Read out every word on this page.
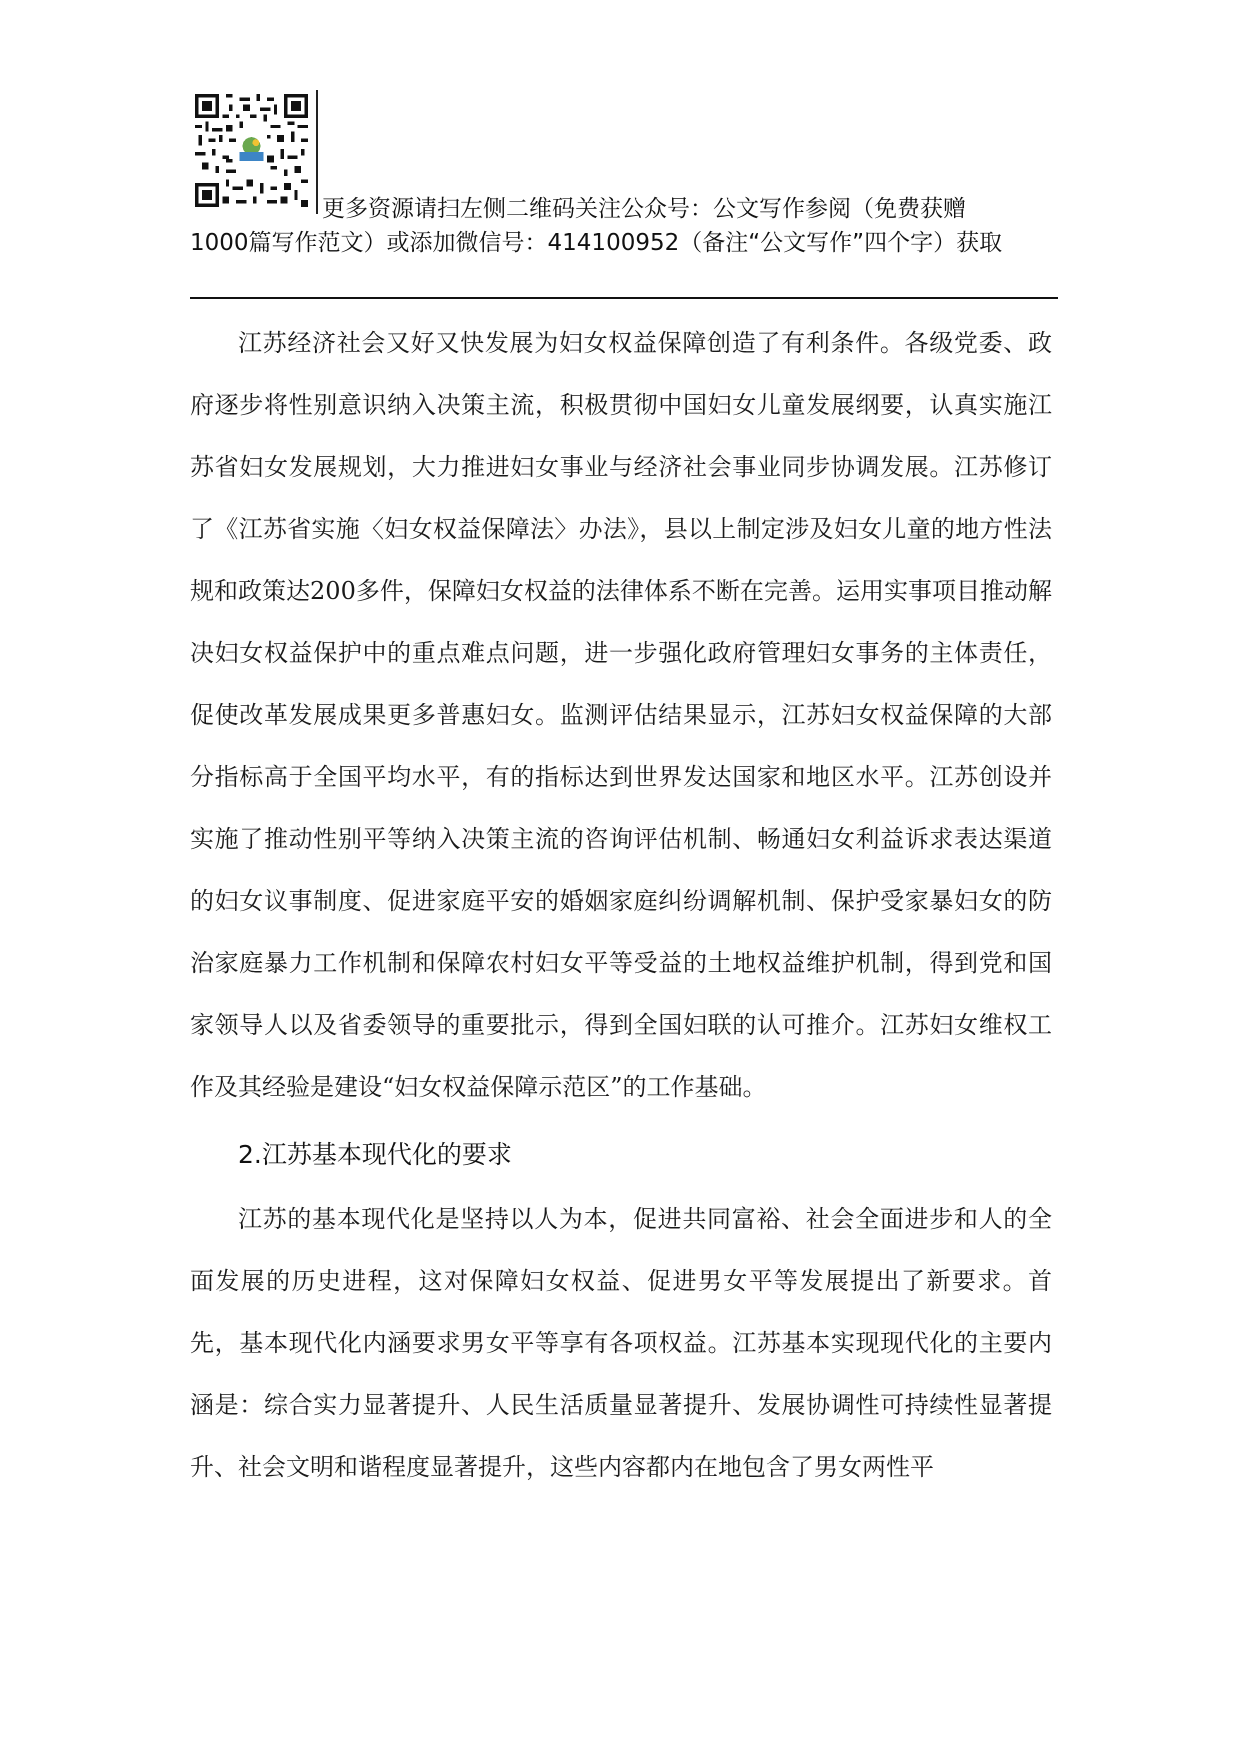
更多资源请扫左侧二维码关注公众号：公文写作参阅（免费获赠
1000篇写作范文）或添加微信号：414100952（备注“公文写作”四个字）获取

江苏经济社会又好又快发展为妇女权益保障创造了有利条件。各级党委、政府逐步将性别意识纳入决策主流，积极贯彻中国妇女儿童发展纲要，认真实施江苏省妇女发展规划，大力推进妇女事业与经济社会事业同步协调发展。江苏修订了《江苏省实施〈妇女权益保障法〉办法》，县以上制定涉及妇女儿童的地方性法规和政策达200多件，保障妇女权益的法律体系不断在完善。运用实事项目推动解决妇女权益保护中的重点难点问题，进一步强化政府管理妇女事务的主体责任，促使改革发展成果更多普惠妇女。监测评估结果显示，江苏妇女权益保障的大部分指标高于全国平均水平，有的指标达到世界发达国家和地区水平。江苏创设并实施了推动性别平等纳入决策主流的咨询评估机制、畅通妇女利益诉求表达渠道的妇女议事制度、促进家庭平安的婚姻家庭纠纷调解机制、保护受家暴妇女的防治家庭暴力工作机制和保障农村妇女平等受益的土地权益维护机制，得到党和国家领导人以及省委领导的重要批示，得到全国妇联的认可推介。江苏妇女维权工作及其经验是建设“妇女权益保障示范区”的工作基础。

2.江苏基本现代化的要求

江苏的基本现代化是坚持以人为本，促进共同富裕、社会全面进步和人的全面发展的历史进程，这对保障妇女权益、促进男女平等发展提出了新要求。首先，基本现代化内涵要求男女平等享有各项权益。江苏基本实现现代化的主要内涵是：综合实力显著提升、人民生活质量显著提升、发展协调性可持续性显著提升、社会文明和谐程度显著提升，这些内容都内在地包含了男女两性平
